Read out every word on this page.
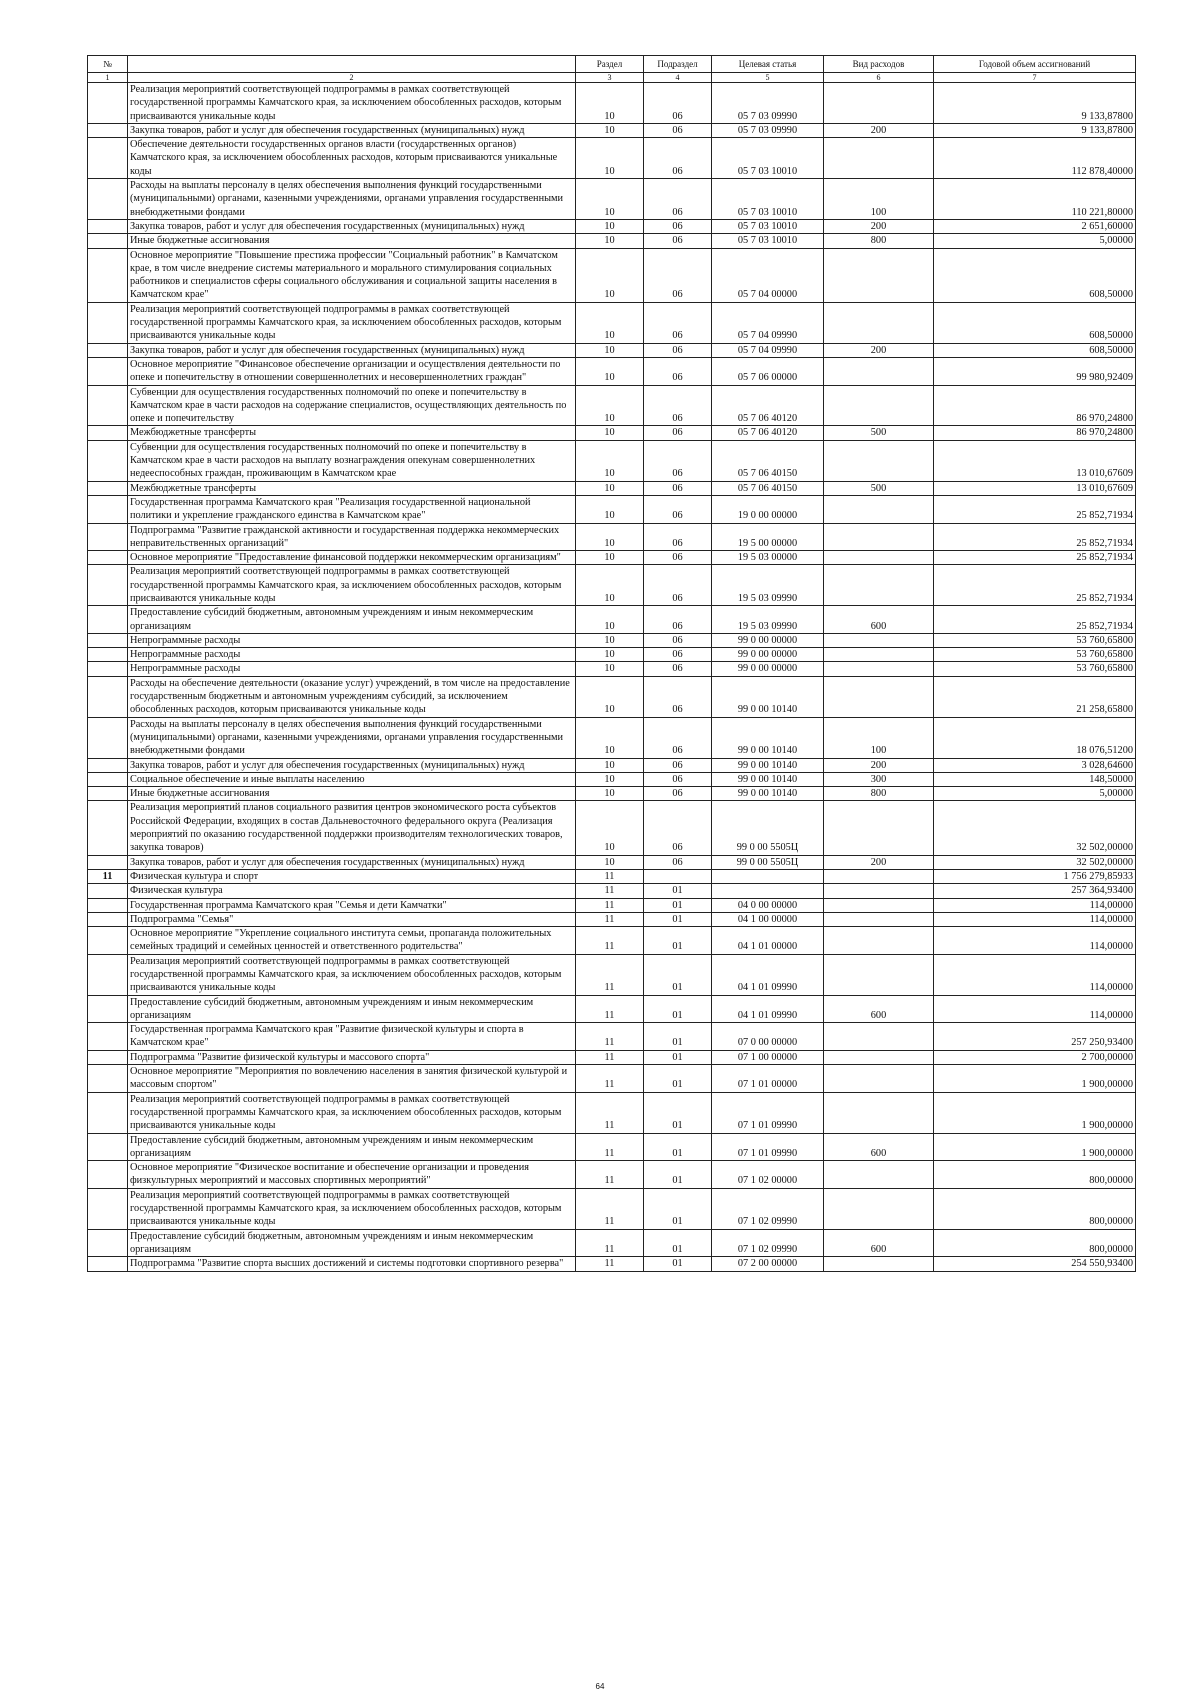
№		Раздел	Подраздел	Целевая статья	Вид расходов	Годовой объем ассигнований
1	2	3	4	5	6	7
	Реализация мероприятий соответствующей подпрограммы в рамках соответствующей государственной программы Камчатского края, за исключением обособленных расходов, которым присваиваются уникальные коды	10	06	05 7 03 09990		9 133,87800
	Закупка товаров, работ и услуг для обеспечения государственных (муниципальных) нужд	10	06	05 7 03 09990	200	9 133,87800
	Обеспечение деятельности государственных органов власти (государственных органов) Камчатского края, за исключением обособленных расходов, которым присваиваются уникальные коды	10	06	05 7 03 10010		112 878,40000
	Расходы на выплаты персоналу в целях обеспечения выполнения функций государственными (муниципальными) органами, казенными учреждениями, органами управления государственными внебюджетными фондами	10	06	05 7 03 10010	100	110 221,80000
	Закупка товаров, работ и услуг для обеспечения государственных (муниципальных) нужд	10	06	05 7 03 10010	200	2 651,60000
	Иные бюджетные ассигнования	10	06	05 7 03 10010	800	5,00000
	Основное мероприятие "Повышение престижа профессии "Социальный работник" в Камчатском крае, в том числе внедрение системы материального и морального стимулирования социальных работников и специалистов сферы социального обслуживания и социальной защиты населения в Камчатском крае"	10	06	05 7 04 00000		608,50000
	Реализация мероприятий соответствующей подпрограммы в рамках соответствующей государственной программы Камчатского края, за исключением обособленных расходов, которым присваиваются уникальные коды	10	06	05 7 04 09990		608,50000
	Закупка товаров, работ и услуг для обеспечения государственных (муниципальных) нужд	10	06	05 7 04 09990	200	608,50000
	Основное мероприятие "Финансовое обеспечение организации и осуществления деятельности по опеке и попечительству в отношении совершеннолетних и несовершеннолетних граждан"	10	06	05 7 06 00000		99 980,92409
	Субвенции для осуществления государственных полномочий по опеке и попечительству в Камчатском крае в части расходов на содержание специалистов, осуществляющих деятельность по опеке и попечительству	10	06	05 7 06 40120		86 970,24800
	Межбюджетные трансферты	10	06	05 7 06 40120	500	86 970,24800
	Субвенции для осуществления государственных полномочий по опеке и попечительству в Камчатском крае в части расходов на выплату вознаграждения опекунам совершеннолетних недееспособных граждан, проживающим в Камчатском крае	10	06	05 7 06 40150		13 010,67609
	Межбюджетные трансферты	10	06	05 7 06 40150	500	13 010,67609
	Государственная программа Камчатского края "Реализация государственной национальной политики и укрепление гражданского единства в Камчатском крае"	10	06	19 0 00 00000		25 852,71934
	Подпрограмма "Развитие гражданской активности и государственная поддержка некоммерческих неправительственных организаций"	10	06	19 5 00 00000		25 852,71934
	Основное мероприятие "Предоставление финансовой поддержки некоммерческим организациям"	10	06	19 5 03 00000		25 852,71934
	Реализация мероприятий соответствующей подпрограммы в рамках соответствующей государственной программы Камчатского края, за исключением обособленных расходов, которым присваиваются уникальные коды	10	06	19 5 03 09990		25 852,71934
	Предоставление субсидий бюджетным, автономным учреждениям и иным некоммерческим организациям	10	06	19 5 03 09990	600	25 852,71934
	Непрограммные расходы	10	06	99 0 00 00000		53 760,65800
	Непрограммные расходы	10	06	99 0 00 00000		53 760,65800
	Непрограммные расходы	10	06	99 0 00 00000		53 760,65800
	Расходы на обеспечение деятельности (оказание услуг) учреждений, в том числе на предоставление государственным бюджетным и автономным учреждениям субсидий, за исключением обособленных расходов, которым присваиваются уникальные коды	10	06	99 0 00 10140		21 258,65800
	Расходы на выплаты персоналу в целях обеспечения выполнения функций государственными (муниципальными) органами, казенными учреждениями, органами управления государственными внебюджетными фондами	10	06	99 0 00 10140	100	18 076,51200
	Закупка товаров, работ и услуг для обеспечения государственных (муниципальных) нужд	10	06	99 0 00 10140	200	3 028,64600
	Социальное обеспечение и иные выплаты населению	10	06	99 0 00 10140	300	148,50000
	Иные бюджетные ассигнования	10	06	99 0 00 10140	800	5,00000
	Реализация мероприятий планов социального развития центров экономического роста субъектов Российской Федерации, входящих в состав Дальневосточного федерального округа (Реализация мероприятий по оказанию государственной поддержки производителям технологических товаров, закупка товаров)	10	06	99 0 00 5505Ц		32 502,00000
	Закупка товаров, работ и услуг для обеспечения государственных (муниципальных) нужд	10	06	99 0 00 5505Ц	200	32 502,00000
11	Физическая культура и спорт	11				1 756 279,85933
	Физическая культура	11	01			257 364,93400
	Государственная программа Камчатского края "Семья и дети Камчатки"	11	01	04 0 00 00000		114,00000
	Подпрограмма "Семья"	11	01	04 1 00 00000		114,00000
	Основное мероприятие "Укрепление социального института семьи, пропаганда положительных семейных традиций и семейных ценностей и ответственного родительства"	11	01	04 1 01 00000		114,00000
	Реализация мероприятий соответствующей подпрограммы в рамках соответствующей государственной программы Камчатского края, за исключением обособленных расходов, которым присваиваются уникальные коды	11	01	04 1 01 09990		114,00000
	Предоставление субсидий бюджетным, автономным учреждениям и иным некоммерческим организациям	11	01	04 1 01 09990	600	114,00000
	Государственная программа Камчатского края "Развитие физической культуры и спорта в Камчатском крае"	11	01	07 0 00 00000		257 250,93400
	Подпрограмма "Развитие физической культуры и массового спорта"	11	01	07 1 00 00000		2 700,00000
	Основное мероприятие "Мероприятия по вовлечению населения в занятия физической культурой и массовым спортом"	11	01	07 1 01 00000		1 900,00000
	Реализация мероприятий соответствующей подпрограммы в рамках соответствующей государственной программы Камчатского края, за исключением обособленных расходов, которым присваиваются уникальные коды	11	01	07 1 01 09990		1 900,00000
	Предоставление субсидий бюджетным, автономным учреждениям и иным некоммерческим организациям	11	01	07 1 01 09990	600	1 900,00000
	Основное мероприятие "Физическое воспитание и обеспечение организации и проведения физкультурных мероприятий и массовых спортивных мероприятий"	11	01	07 1 02 00000		800,00000
	Реализация мероприятий соответствующей подпрограммы в рамках соответствующей государственной программы Камчатского края, за исключением обособленных расходов, которым присваиваются уникальные коды	11	01	07 1 02 09990		800,00000
	Предоставление субсидий бюджетным, автономным учреждениям и иным некоммерческим организациям	11	01	07 1 02 09990	600	800,00000
	Подпрограмма "Развитие спорта высших достижений и системы подготовки спортивного резерва"	11	01	07 2 00 00000		254 550,93400
64
